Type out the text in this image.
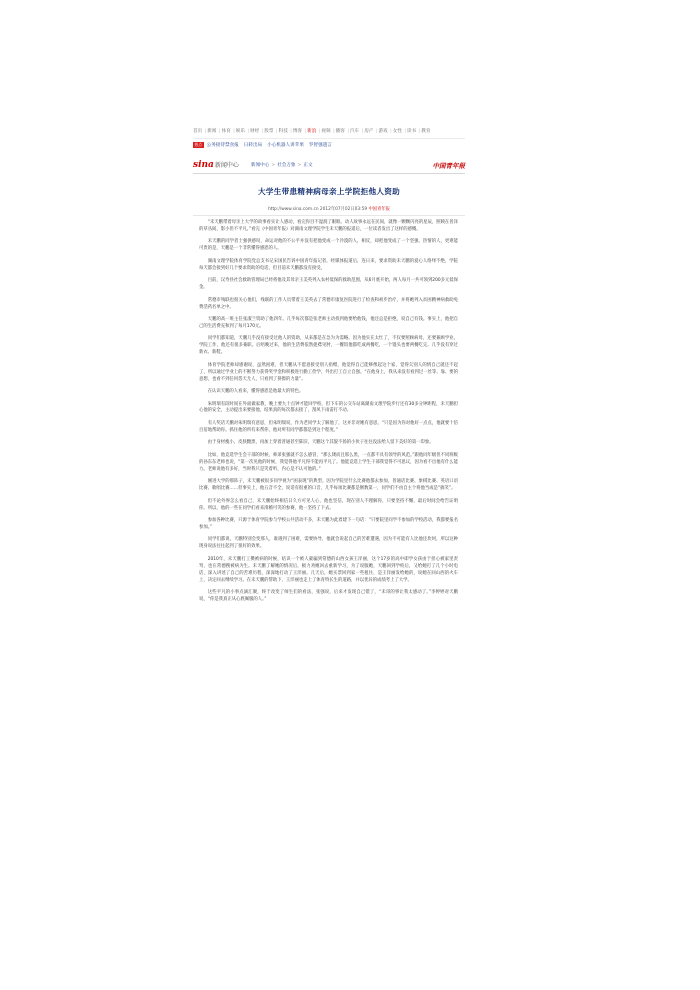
首页 |新闻 |体育 |娱乐 |财经 |股票 |科技 |博客 |新浪 |视频 |播客 |汽车 |房产 |游戏 |女性 |读书 |教育
热点 公务接待禁食报 日转出局 小心机器人讲苹果 罗智强遗言
sina 新闻中心	新闻中心 > 社会万象 > 正文	中国青年报
大学生带患精神病母亲上学院拒他人资助
http://www.sina.com.cn 2012年07月02日03:59 中国青年报

“未天鹏带着母亲上大学的故事看实让人感动，看完你目不湿润了眼眶。动人故事永远在民间，就像一颗颗闪亮的星辰，照映在普泽的草丛间，影小但不平凡。”看完《中国青年报》对湖南文理学院学生未天鹏的报道后，一位读者发出了这样的感慨。

未天鹏的同学者士强供感叹，命运对他的不公平并没有把他变成一个冷漠的人，相反，却把他变成了一个坚强、热情的人，更难能可贵的是，天鹏是一个非常懂得感恩的人。

湖南文理学院体育学院党总支书记宋国民告诉中国青年报记者，经媒体报道后，连日来，要求资助未天鹏的爱心人络绎不绝，学院每天都会接到好几个要求资助的电话，但目前未天鹏都没有接受。

目前，汉寿县社会救助管理局已经将他及其母亲王美英列入农村低保的救助范围，从6月底开始，两人每月一共可领到200多元低保金。

常德市残联也很关心他们，残联的工作人员带着王美英去了常德市康复医院进行了检查和初步治疗，并将她列入贫困精神病救助免费活药名单之中。

天鹏的高一班主任张淑兰资助了他四年。几乎每次都是张老师主动找到他要给他钱，他还总是拒绝，说自己有钱。事实上，他把自己的生活费充和到了每月170元。

同学们都知道，天鹏几乎没有接受过他人的资助，从来都是在急为为需略。因为他实在太忙了，不仅要照顾病母，还要兼顾学业、学院工作，他还有很多兼职。后唔晚过来，他的生活费依然捉襟见肘，一餐饭他都吃成两餐吃，一个馒头也要两餐吃完。几乎没有穿过新衣、新鞋。

体育学院老师却感谢说，虽然困难，但天鹏从不愿意接受别人捐赠，他觉得自己能够像起这个家，觉得欠别人的情自己就还不起了，所以通过学业上的不断努力获得奖学金和积极进行勤工俭学、外出打工自立自强。“在他身上，我从来没有看到过一丝等、靠、要的意想，也看不到任何怨天尤人，只看到了挤擦的力量”。

在认识天鹏的人看来，懂得感恩是他最大的特色。

朱明瑞有段时间在外面做家教，晚上要九十点钟才能回学校，但下车的公交车站离湖南文理学院步行还有30多分钟距程，未天鹏担心他的安全，主动提出来要接他，结果真的每次都去接了，刮风下雨雷打不动。

有人奖话天鹏对朱明瑞有意思，但朱明瑞说，作为老同学太了解他了，这并非对她有意思，“只是因为你对他好一点点，他就要十倍百倍地帮助你。抓住他的所有来帮你，他对所有同学都都是到这个程度。”

由于身材瘦小、皮肤黝黑，再加上穿着普通甚至陈旧，天鹏这个其貌不扬的小伙子往往没法给人留下美好的第一印象。

比如，他竞选学生会干部的时候，师弟张强就不怎么感冒，“那么矮而且那么黑，一点都不具有领导的风范。”跟他同年级但不同班级的孙东东老师也说，“第一次见他的时候，我觉得他平凡得不能再平凡了。他能竞选上学生干部我觉得不可思议，因为看不出他有什么能力。老师说他有多好，当时我只是笑着听，内心是不认可他的。”

刚进大学的那阵子，未天鹏被很多同学视为“困表现”的典型。因为学院里什么比赛他都去参加，普通话比赛、象棋比赛、英语口语比赛、歌唱比赛……但事实上，他五音不全，说话有很重的口音，几乎每项比赛都是倒数第一，同学们不由自主个将他当成是“搞笑”。

但不论外界怎么看自己，未天鹏始终相信日久方可见人心，他也坚信，现在别人不理解你，只要坚持不懈，最后时间会给告证明你。所以，他的一些在同学们看来滑稽可笑的参赛，他一坚持了下去。

参加各种比赛，只源于体育学院参与学校公共活动不多，未天鹏为此着建下一句话：“只要院里同学不参加的学校活动，我都要报名参加。”

同学们都说，天鹏特别会变那人，谁遇到了困难，需要协导，他就会说起自己的苦难遭遇，因为不可能有人比他还坎坷，所以这种现身说法往往起到了很好的效果。

2010年，未天鹏打工攒被病的时候，结识一个被人蒙骗到常德的山西女孩王洋丽，这个17岁的高中即学女孩由于担心被家里责骂，也在常德搜被病为生。未天鹏了解她的情况后，极力劝她回去重新学习，为了说服她，天鹏回到学校后，又给她打了几个小时电话，深入讲述了自己的苦难历程，深深地打动了王洋丽。几天后，她买票回到家一些租住，是王洋丽发给她的，说她在回山西的火车上，决定回去继续学习。在未天鹏的帮助下，王洋丽也走上了体育特长生的道路，并以优异的成绩考上了大学。

这些平凡的小事点滴汇聚，终于改变了师生们的看法，张强说，后来才发现自己错了，“未哥的事让我太感动了。”李婷婷对天鹏说，“你是我真正从心底佩服的人。”
